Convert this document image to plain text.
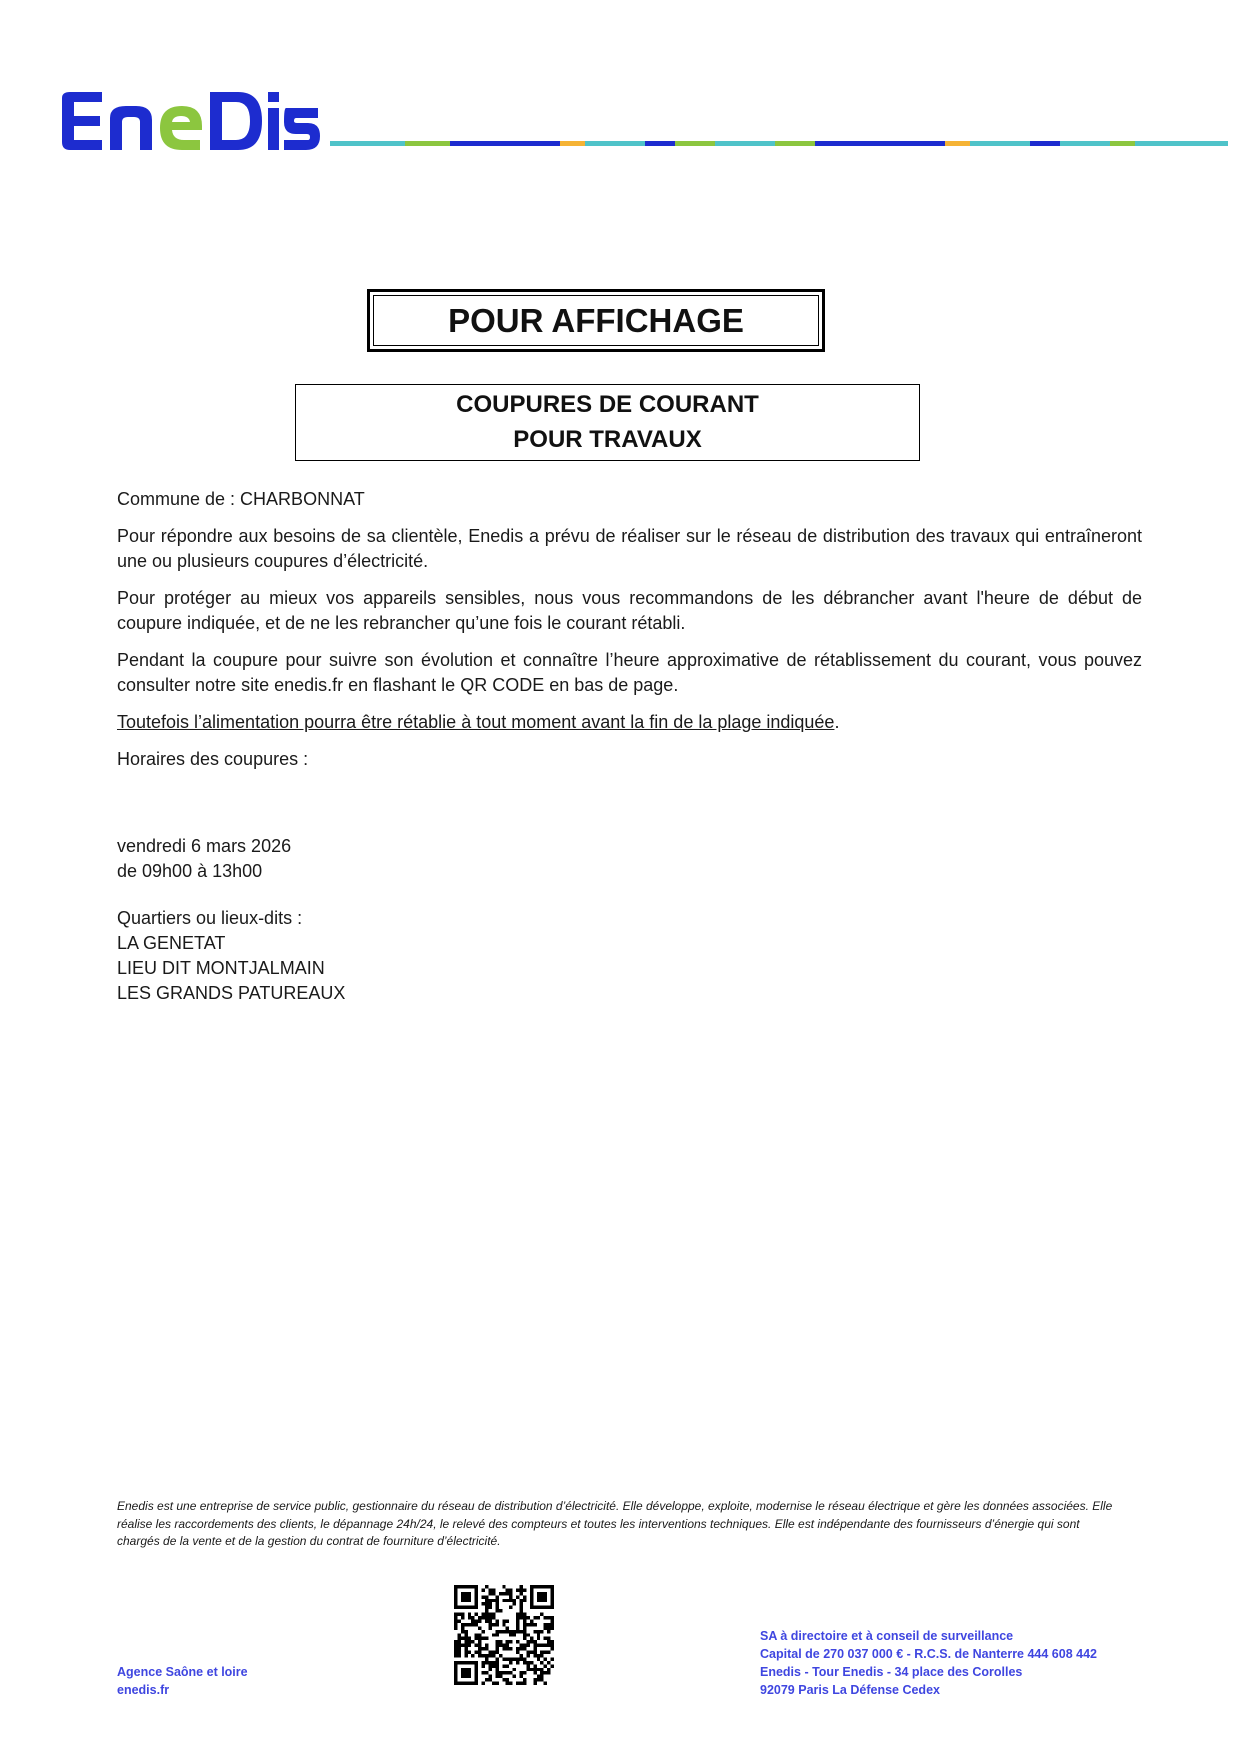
POUR AFFICHAGE
COUPURES DE COURANT
POUR TRAVAUX

Commune de : CHARBONNAT

Pour répondre aux besoins de sa clientèle, Enedis a prévu de réaliser sur le réseau de distribution des travaux qui entraîneront une ou plusieurs coupures d’électricité.

Pour protéger au mieux vos appareils sensibles, nous vous recommandons de les débrancher avant l'heure de début de coupure indiquée, et de ne les rebrancher qu’une fois le courant rétabli.

Pendant la coupure pour suivre son évolution et connaître l’heure approximative de rétablissement du courant, vous pouvez consulter notre site enedis.fr en flashant le QR CODE en bas de page.

Toutefois l’alimentation pourra être rétablie à tout moment avant la fin de la plage indiquée.

Horaires des coupures :

vendredi 6 mars 2026

de 09h00 à 13h00

Quartiers ou lieux-dits :

LA GENETAT

LIEU DIT MONTJALMAIN

LES GRANDS PATUREAUX

Enedis est une entreprise de service public, gestionnaire du réseau de distribution d’électricité. Elle développe, exploite, modernise le réseau électrique et gère les données associées. Elle réalise les raccordements des clients, le dépannage 24h/24, le relevé des compteurs et toutes les interventions techniques. Elle est indépendante des fournisseurs d’énergie qui sont chargés de la vente et de la gestion du contrat de fourniture d’électricité.
Agence Saône et loire
enedis.fr
SA à directoire et à conseil de surveillance
Capital de 270 037 000 € - R.C.S. de Nanterre 444 608 442
Enedis - Tour Enedis - 34 place des Corolles
92079 Paris La Défense Cedex
